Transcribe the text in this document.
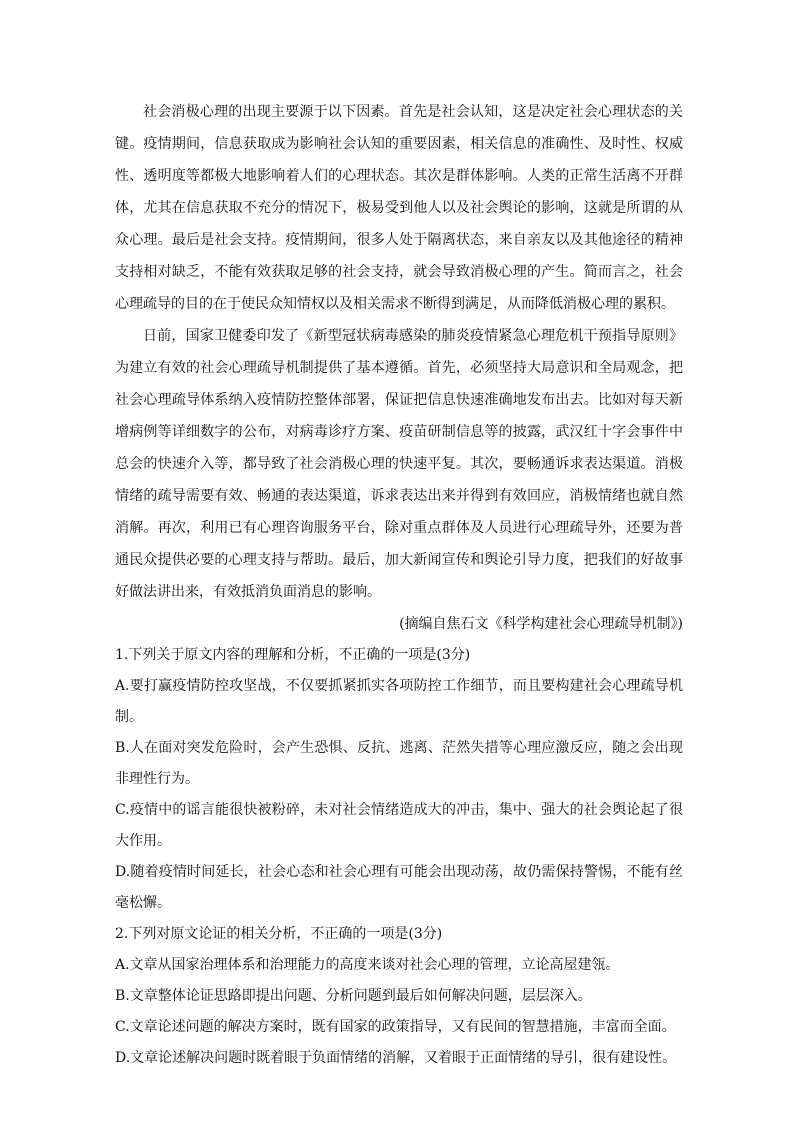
社会消极心理的出现主要源于以下因素。首先是社会认知，这是决定社会心理状态的关键。疫情期间，信息获取成为影响社会认知的重要因素，相关信息的准确性、及时性、权威性、透明度等都极大地影响着人们的心理状态。其次是群体影响。人类的正常生活离不开群体，尤其在信息获取不充分的情况下，极易受到他人以及社会舆论的影响，这就是所谓的从众心理。最后是社会支持。疫情期间，很多人处于隔离状态，来自亲友以及其他途径的精神支持相对缺乏，不能有效获取足够的社会支持，就会导致消极心理的产生。简而言之，社会心理疏导的目的在于使民众知情权以及相关需求不断得到满足，从而降低消极心理的累积。

日前，国家卫健委印发了《新型冠状病毒感染的肺炎疫情紧急心理危机干预指导原则》为建立有效的社会心理疏导机制提供了基本遵循。首先，必须坚持大局意识和全局观念，把社会心理疏导体系纳入疫情防控整体部署，保证把信息快速准确地发布出去。比如对每天新增病例等详细数字的公布，对病毒诊疗方案、疫苗研制信息等的披露，武汉红十字会事件中总会的快速介入等，都导致了社会消极心理的快速平复。其次，要畅通诉求表达渠道。消极情绪的疏导需要有效、畅通的表达渠道，诉求表达出来并得到有效回应，消极情绪也就自然消解。再次，利用已有心理咨询服务平台，除对重点群体及人员进行心理疏导外，还要为普通民众提供必要的心理支持与帮助。最后，加大新闻宣传和舆论引导力度，把我们的好故事好做法讲出来，有效抵消负面消息的影响。

(摘编自焦石文《科学构建社会心理疏导机制》)

1.下列关于原文内容的理解和分析，不正确的一项是(3分)

A.要打赢疫情防控攻坚战，不仅要抓紧抓实各项防控工作细节，而且要构建社会心理疏导机制。

B.人在面对突发危险时，会产生恐惧、反抗、逃离、茫然失措等心理应激反应，随之会出现非理性行为。

C.疫情中的谣言能很快被粉碎，未对社会情绪造成大的冲击，集中、强大的社会舆论起了很大作用。

D.随着疫情时间延长，社会心态和社会心理有可能会出现动荡，故仍需保持警惕，不能有丝毫松懈。

2.下列对原文论证的相关分析，不正确的一项是(3分)

A.文章从国家治理体系和治理能力的高度来谈对社会心理的管理，立论高屋建瓴。

B.文章整体论证思路即提出问题、分析问题到最后如何解决问题，层层深入。

C.文章论述问题的解决方案时，既有国家的政策指导，又有民间的智慧措施，丰富而全面。

D.文章论述解决问题时既着眼于负面情绪的消解，又着眼于正面情绪的导引，很有建设性。
